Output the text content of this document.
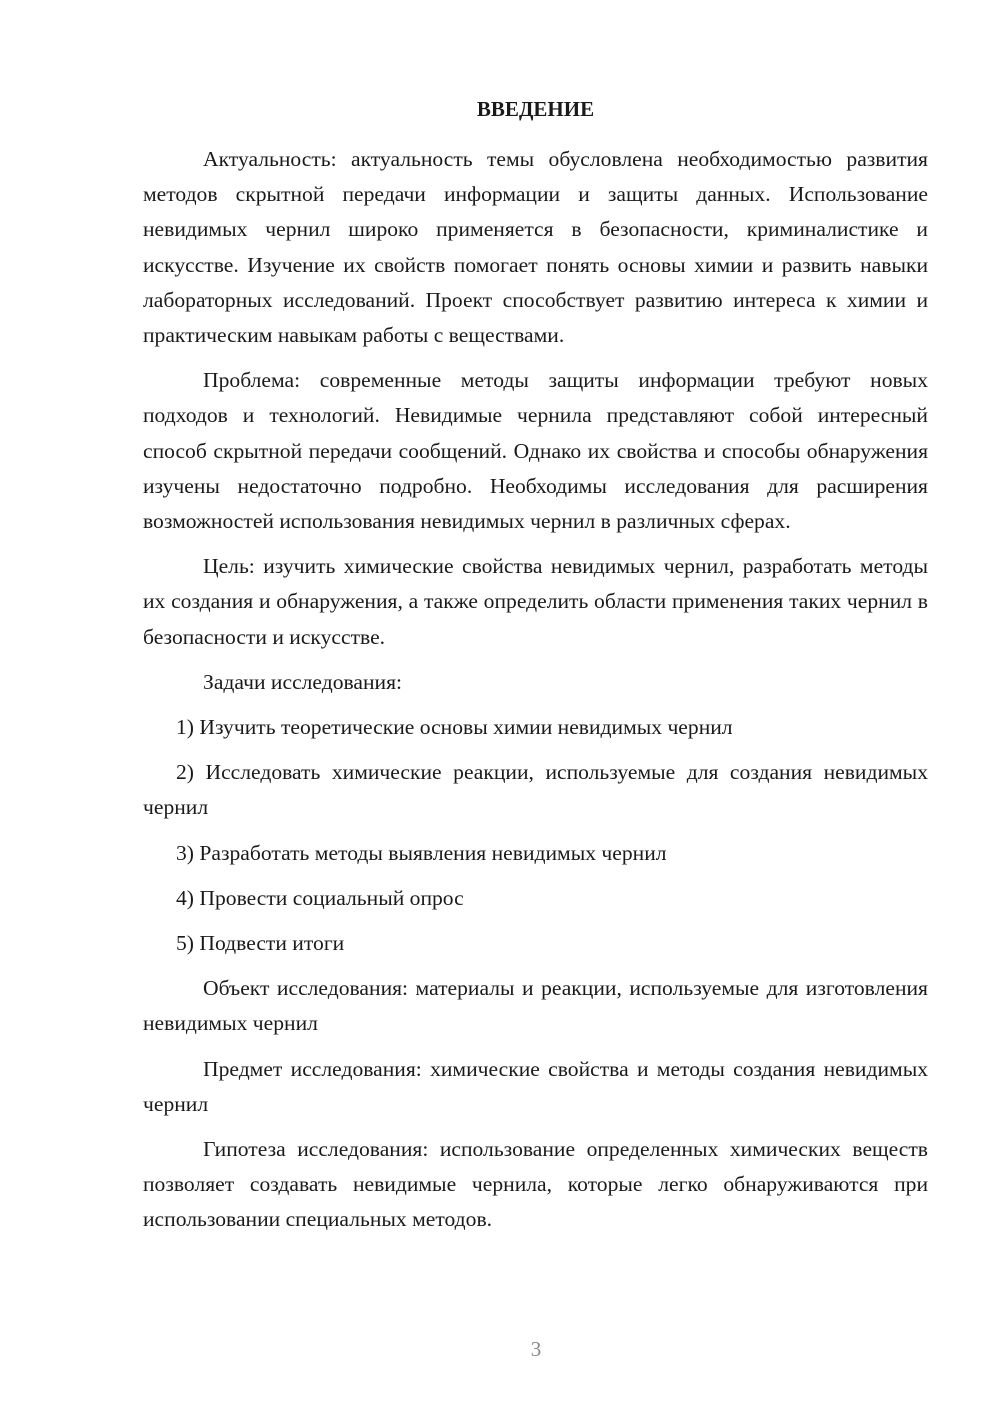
ВВЕДЕНИЕ

Актуальность: актуальность темы обусловлена необходимостью развития методов скрытной передачи информации и защиты данных. Использование невидимых чернил широко применяется в безопасности, криминалистике и искусстве. Изучение их свойств помогает понять основы химии и развить навыки лабораторных исследований. Проект способствует развитию интереса к химии и практическим навыкам работы с веществами.

Проблема: современные методы защиты информации требуют новых подходов и технологий. Невидимые чернила представляют собой интересный способ скрытной передачи сообщений. Однако их свойства и способы обнаружения изучены недостаточно подробно. Необходимы исследования для расширения возможностей использования невидимых чернил в различных сферах.

Цель: изучить химические свойства невидимых чернил, разработать методы их создания и обнаружения, а также определить области применения таких чернил в безопасности и искусстве.

Задачи исследования:

1) Изучить теоретические основы химии невидимых чернил

2) Исследовать химические реакции, используемые для создания невидимых чернил

3) Разработать методы выявления невидимых чернил

4) Провести социальный опрос

5) Подвести итоги

Объект исследования: материалы и реакции, используемые для изготовления невидимых чернил

Предмет исследования: химические свойства и методы создания невидимых чернил

Гипотеза исследования: использование определенных химических веществ позволяет создавать невидимые чернила, которые легко обнаруживаются при использовании специальных методов.

3
